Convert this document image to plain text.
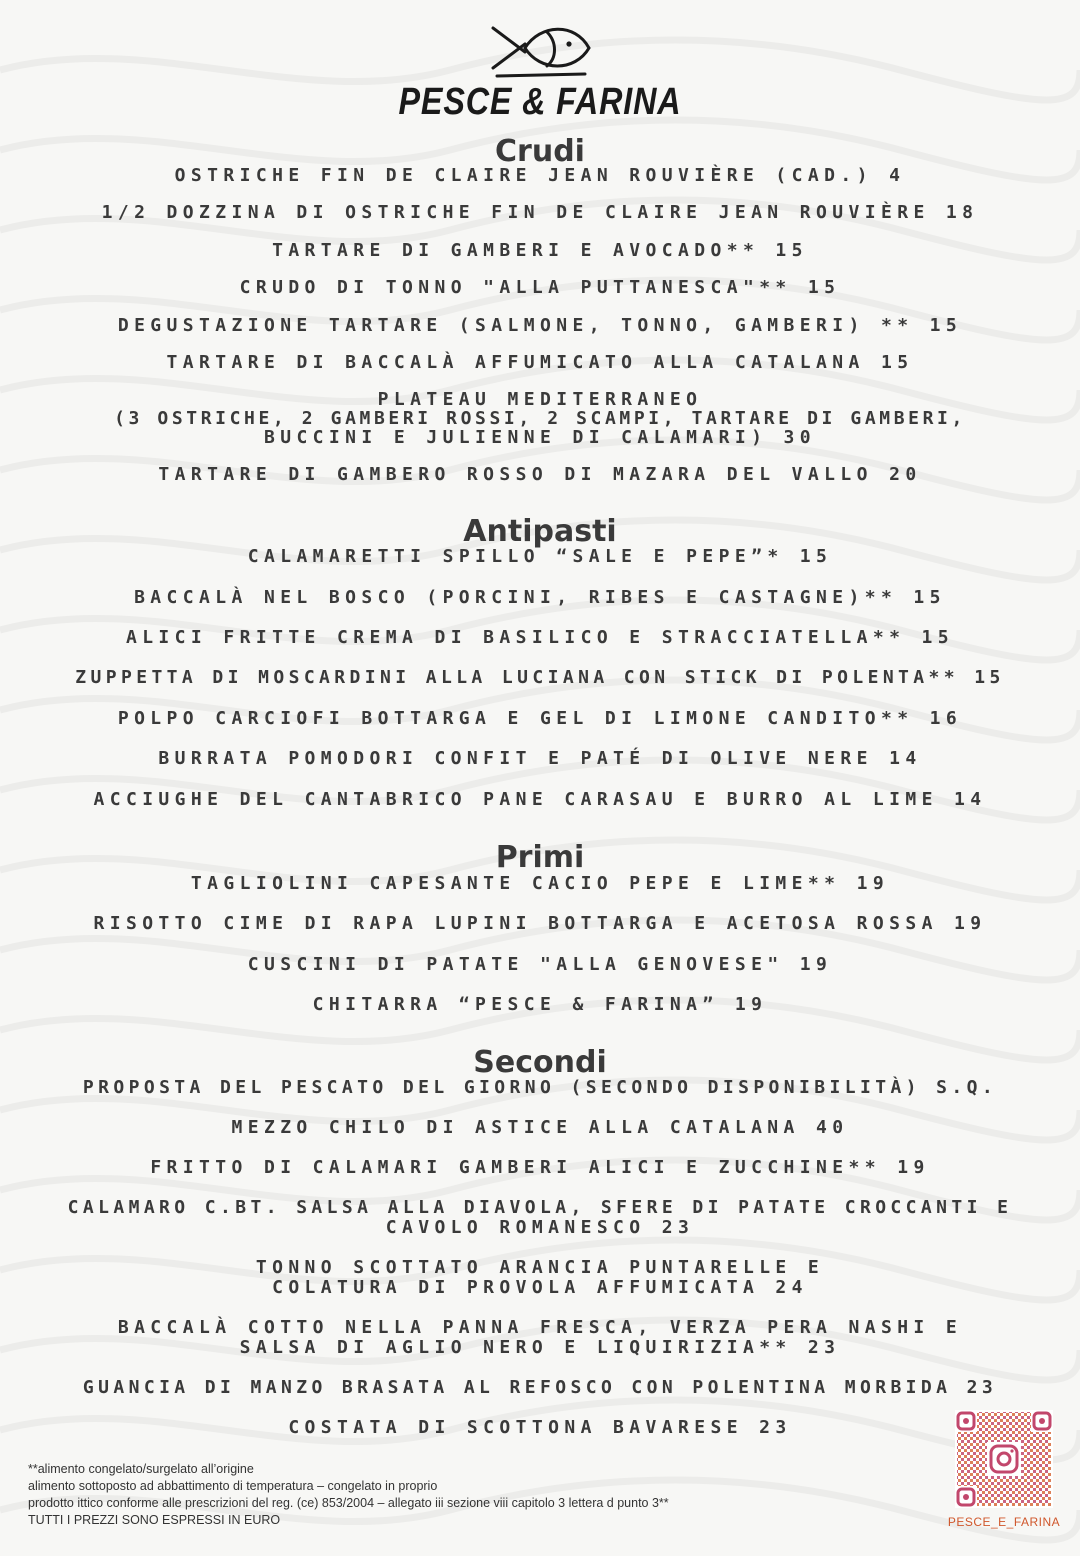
PESCE & FARINA
Crudi
OSTRICHE FIN DE CLAIRE JEAN ROUVIÈRE (CAD.) 4
1/2 DOZZINA DI OSTRICHE FIN DE CLAIRE JEAN ROUVIÈRE 18
TARTARE DI GAMBERI E AVOCADO** 15
CRUDO DI TONNO "ALLA PUTTANESCA"** 15
DEGUSTAZIONE TARTARE (SALMONE, TONNO, GAMBERI) ** 15
TARTARE DI BACCALÀ AFFUMICATO ALLA CATALANA 15
PLATEAU MEDITERRANEO
(3 OSTRICHE, 2 GAMBERI ROSSI, 2 SCAMPI, TARTARE DI GAMBERI,
BUCCINI E JULIENNE DI CALAMARI) 30
TARTARE DI GAMBERO ROSSO DI MAZARA DEL VALLO 20
Antipasti
CALAMARETTI SPILLO “SALE E PEPE”* 15
BACCALÀ NEL BOSCO (PORCINI, RIBES E CASTAGNE)** 15
ALICI FRITTE CREMA DI BASILICO E STRACCIATELLA** 15
ZUPPETTA DI MOSCARDINI ALLA LUCIANA CON STICK DI POLENTA** 15
POLPO CARCIOFI BOTTARGA E GEL DI LIMONE CANDITO** 16
BURRATA POMODORI CONFIT E PATÉ DI OLIVE NERE 14
ACCIUGHE DEL CANTABRICO PANE CARASAU E BURRO AL LIME 14
Primi
TAGLIOLINI CAPESANTE CACIO PEPE E LIME** 19
RISOTTO CIME DI RAPA LUPINI BOTTARGA E ACETOSA ROSSA 19
CUSCINI DI PATATE "ALLA GENOVESE" 19
CHITARRA “PESCE & FARINA” 19
Secondi
PROPOSTA DEL PESCATO DEL GIORNO (SECONDO DISPONIBILITÀ) S.Q.
MEZZO CHILO DI ASTICE ALLA CATALANA 40
FRITTO DI CALAMARI GAMBERI ALICI E ZUCCHINE** 19
CALAMARO C.BT. SALSA ALLA DIAVOLA, SFERE DI PATATE CROCCANTI E
CAVOLO ROMANESCO 23
TONNO SCOTTATO ARANCIA PUNTARELLE E
COLATURA DI PROVOLA AFFUMICATA 24
BACCALÀ COTTO NELLA PANNA FRESCA, VERZA PERA NASHI E
SALSA DI AGLIO NERO E LIQUIRIZIA** 23
GUANCIA DI MANZO BRASATA AL REFOSCO CON POLENTINA MORBIDA 23
COSTATA DI SCOTTONA BAVARESE 23
**alimento congelato/surgelato all’origine
alimento sottoposto ad abbattimento di temperatura – congelato in proprio
prodotto ittico conforme alle prescrizioni del reg. (ce) 853/2004 – allegato iii sezione viii capitolo 3 lettera d punto 3**
TUTTI I PREZZI SONO ESPRESSI IN EURO	PESCE_E_FARINA
